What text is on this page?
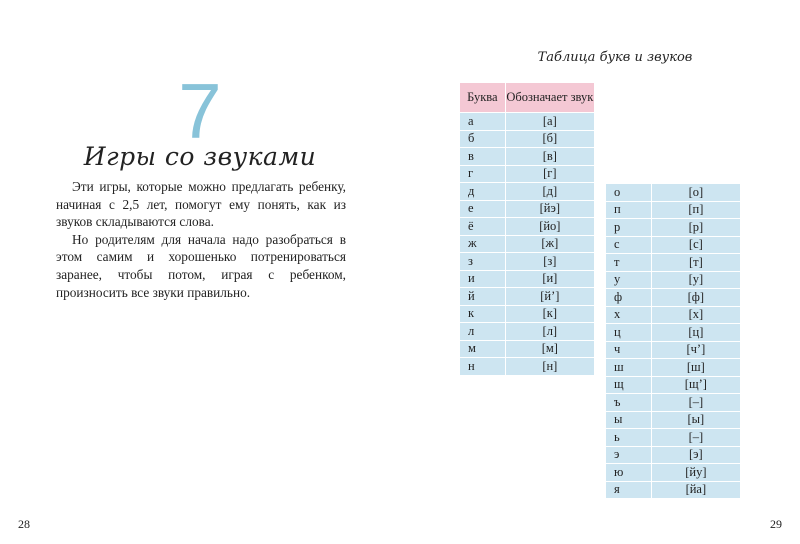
7
Игры со звуками

Эти игры, которые можно предлагать ребенку, начиная с 2,5 лет, помогут ему понять, как из звуков складываются слова.

Но родителям для начала надо разобраться в этом самим и хорошенько потренироваться заранее, чтобы потом, играя с ребенком, произносить все звуки правильно.

28
Таблица букв и звуков
Буква	Обозначает звук
а	[а]
б	[б]
в	[в]
г	[г]
д	[д]
е	[йэ]
ё	[йо]
ж	[ж]
з	[з]
и	[и]
й	[й’]
к	[к]
л	[л]
м	[м]
н	[н]
о	[о]
п	[п]
р	[р]
с	[с]
т	[т]
у	[у]
ф	[ф]
х	[х]
ц	[ц]
ч	[ч’]
ш	[ш]
щ	[щ’]
ъ	[–]
ы	[ы]
ь	[–]
э	[э]
ю	[йу]
я	[йа]
29
